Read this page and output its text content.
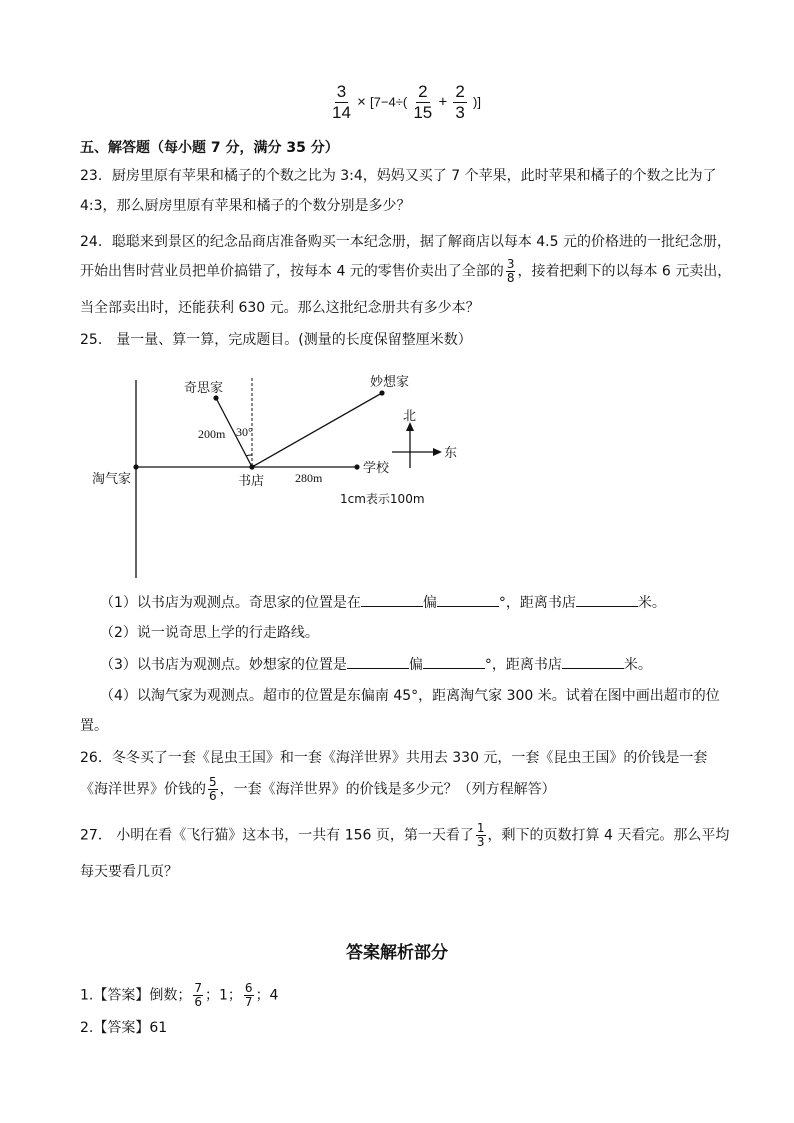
$\frac{3}{14} \times [7-4\div( \frac{2}{15} + \frac{2}{3}$ )]
五、解答题（每小题 7 分，满分 35 分）
23．厨房里原有苹果和橘子的个数之比为 3:4，妈妈又买了 7 个苹果，此时苹果和橘子的个数之比为了
4:3，那么厨房里原有苹果和橘子的个数分别是多少？
24．聪聪来到景区的纪念品商店准备购买一本纪念册，据了解商店以每本 4.5 元的价格进的一批纪念册，
开始出售时营业员把单价搞错了，按每本 4 元的零售价卖出了全部的 $\frac{3}{8}$ ，接着把剩下的以每本 6 元卖出，
当全部卖出时，还能获利 630 元。那么这批纪念册共有多少本？
25． 量一量、算一算，完成题目。(测量的长度保留整厘米数）
奇思家	妙想家
淘气家	书店
学校
200m
280m
30°
北
东
1cm表示100m
（1）以书店为观测点。奇思家的位置是在	偏	°，距离书店	米。
（2）说一说奇思上学的行走路线。
（3）以书店为观测点。妙想家的位置是	偏	°，距离书店	米。
（4）以淘气家为观测点。超市的位置是东偏南 45°，距离淘气家 300 米。试着在图中画出超市的位
置。
26．冬冬买了一套《昆虫王国》和一套《海洋世界》共用去 330 元，一套《昆虫王国》的价钱是一套
《海洋世界》价钱的 $\frac{5}{6}$ ，一套《海洋世界》的价钱是多少元？（列方程解答）
27． 小明在看《飞行猫》这本书，一共有 156 页，第一天看了 $\frac{1}{3}$ ，剩下的页数打算 4 天看完。那么平均
每天要看几页？
答案解析部分
1.【答案】倒数； $\frac{7}{6}$ ；1； $\frac{6}{7}$ ；4
2.【答案】61
